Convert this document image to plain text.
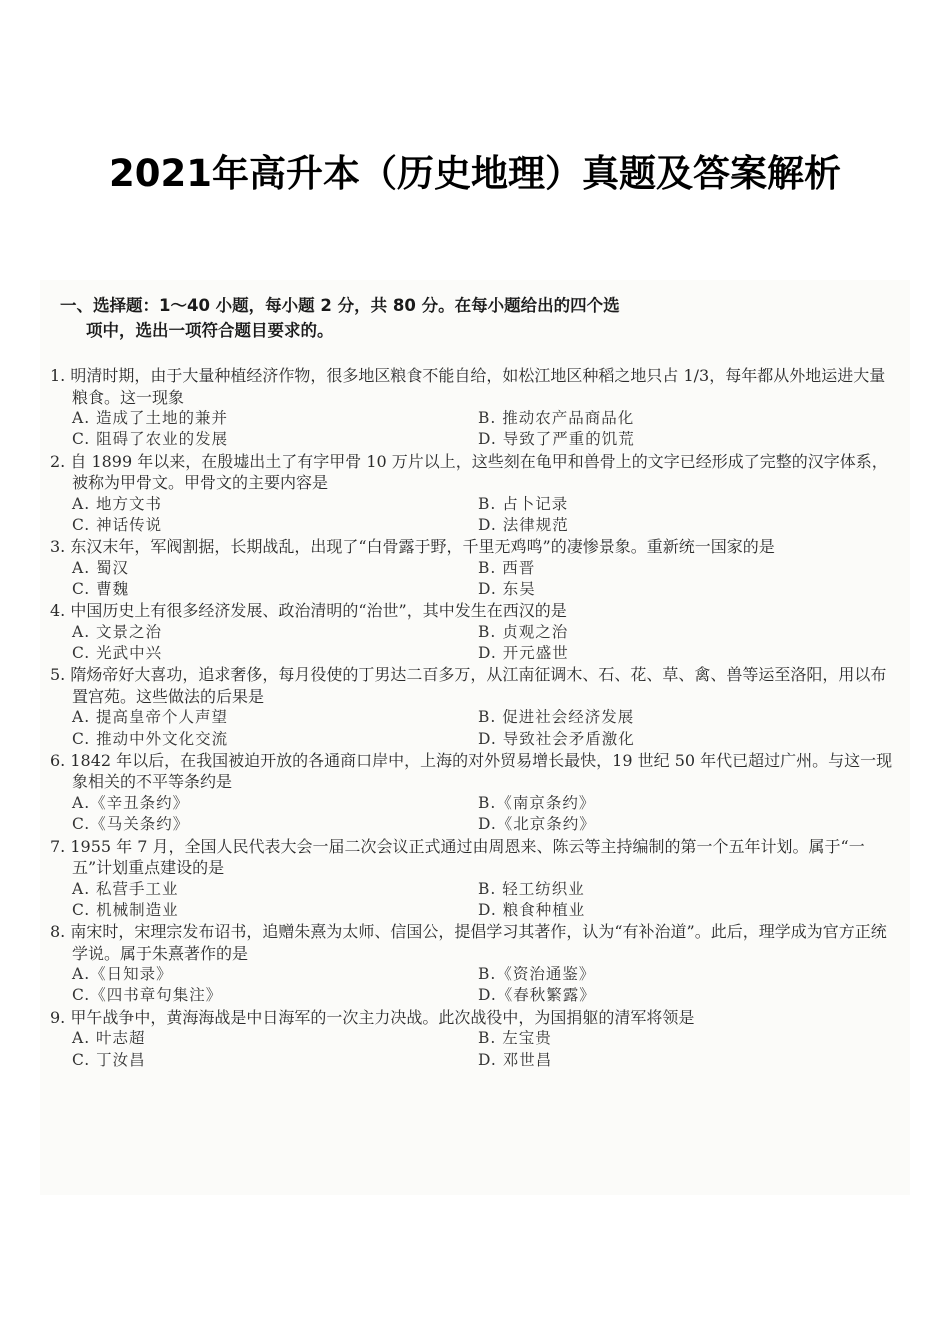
2021年高升本（历史地理）真题及答案解析
一、选择题：1～40 小题，每小题 2 分，共 80 分。在每小题给出的四个选
项中，选出一项符合题目要求的。
1. 明清时期，由于大量种植经济作物，很多地区粮食不能自给，如松江地区种稻之地只占 1/3，每年都从外地运进大量粮食。这一现象
A. 造成了土地的兼并	B. 推动农产品商品化
C. 阻碍了农业的发展	D. 导致了严重的饥荒
2. 自 1899 年以来，在殷墟出土了有字甲骨 10 万片以上，这些刻在龟甲和兽骨上的文字已经形成了完整的汉字体系，被称为甲骨文。甲骨文的主要内容是
A. 地方文书	B. 占卜记录
C. 神话传说	D. 法律规范
3. 东汉末年，军阀割据，长期战乱，出现了“白骨露于野，千里无鸡鸣”的凄惨景象。重新统一国家的是
A. 蜀汉	B. 西晋
C. 曹魏	D. 东吴
4. 中国历史上有很多经济发展、政治清明的“治世”，其中发生在西汉的是
A. 文景之治	B. 贞观之治
C. 光武中兴	D. 开元盛世
5. 隋炀帝好大喜功，追求奢侈，每月役使的丁男达二百多万，从江南征调木、石、花、草、禽、兽等运至洛阳，用以布置宫苑。这些做法的后果是
A. 提高皇帝个人声望	B. 促进社会经济发展
C. 推动中外文化交流	D. 导致社会矛盾激化
6. 1842 年以后，在我国被迫开放的各通商口岸中，上海的对外贸易增长最快，19 世纪 50 年代已超过广州。与这一现象相关的不平等条约是
A.《辛丑条约》	B.《南京条约》
C.《马关条约》	D.《北京条约》
7. 1955 年 7 月，全国人民代表大会一届二次会议正式通过由周恩来、陈云等主持编制的第一个五年计划。属于“一五”计划重点建设的是
A. 私营手工业	B. 轻工纺织业
C. 机械制造业	D. 粮食种植业
8. 南宋时，宋理宗发布诏书，追赠朱熹为太师、信国公，提倡学习其著作，认为“有补治道”。此后，理学成为官方正统学说。属于朱熹著作的是
A.《日知录》	B.《资治通鉴》
C.《四书章句集注》	D.《春秋繁露》
9. 甲午战争中，黄海海战是中日海军的一次主力决战。此次战役中，为国捐躯的清军将领是
A. 叶志超	B. 左宝贵
C. 丁汝昌	D. 邓世昌
